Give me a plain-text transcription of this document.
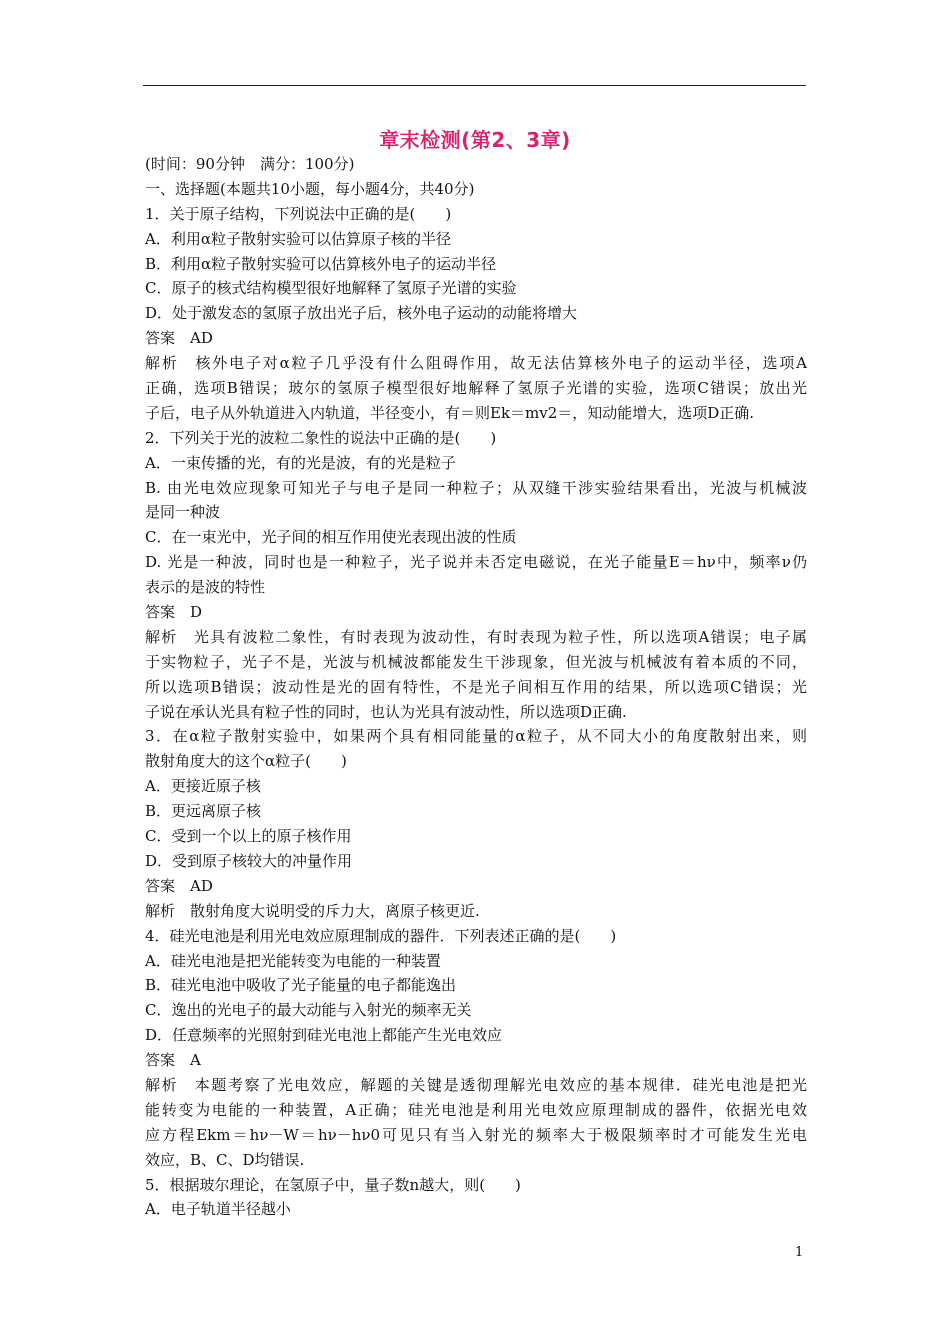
章末检测(第2、3章)
(时间：90分钟　满分：100分)
一、选择题(本题共10小题，每小题4分，共40分)
1．关于原子结构，下列说法中正确的是(　　)
A．利用α粒子散射实验可以估算原子核的半径
B．利用α粒子散射实验可以估算核外电子的运动半径
C．原子的核式结构模型很好地解释了氢原子光谱的实验
D．处于激发态的氢原子放出光子后，核外电子运动的动能将增大
答案　AD
解析　核外电子对α粒子几乎没有什么阻碍作用，故无法估算核外电子的运动半径，选项A
正确，选项B错误；玻尔的氢原子模型很好地解释了氢原子光谱的实验，选项C错误；放出光
子后，电子从外轨道进入内轨道，半径变小，有＝则Ek＝mv2＝，知动能增大，选项D正确.
2．下列关于光的波粒二象性的说法中正确的是(　　)
A．一束传播的光，有的光是波，有的光是粒子
B. 由光电效应现象可知光子与电子是同一种粒子；从双缝干涉实验结果看出，光波与机械波
是同一种波
C．在一束光中，光子间的相互作用使光表现出波的性质
D. 光是一种波，同时也是一种粒子，光子说并未否定电磁说，在光子能量E＝hν中，频率ν仍
表示的是波的特性
答案　D
解析　光具有波粒二象性，有时表现为波动性，有时表现为粒子性，所以选项A错误；电子属
于实物粒子，光子不是，光波与机械波都能发生干涉现象，但光波与机械波有着本质的不同，
所以选项B错误；波动性是光的固有特性，不是光子间相互作用的结果，所以选项C错误；光
子说在承认光具有粒子性的同时，也认为光具有波动性，所以选项D正确.
3．在α粒子散射实验中，如果两个具有相同能量的α粒子，从不同大小的角度散射出来，则
散射角度大的这个α粒子(　　)
A．更接近原子核
B．更远离原子核
C．受到一个以上的原子核作用
D．受到原子核较大的冲量作用
答案　AD
解析　散射角度大说明受的斥力大，离原子核更近.
4．硅光电池是利用光电效应原理制成的器件．下列表述正确的是(　　)
A．硅光电池是把光能转变为电能的一种装置
B．硅光电池中吸收了光子能量的电子都能逸出
C．逸出的光电子的最大动能与入射光的频率无关
D．任意频率的光照射到硅光电池上都能产生光电效应
答案　A
解析　本题考察了光电效应，解题的关键是透彻理解光电效应的基本规律．硅光电池是把光
能转变为电能的一种装置，A正确；硅光电池是利用光电效应原理制成的器件，依据光电效
应方程Ekm＝hν－W＝hν－hν0可见只有当入射光的频率大于极限频率时才可能发生光电
效应，B、C、D均错误.
5．根据玻尔理论，在氢原子中，量子数n越大，则(　　)
A．电子轨道半径越小
1
